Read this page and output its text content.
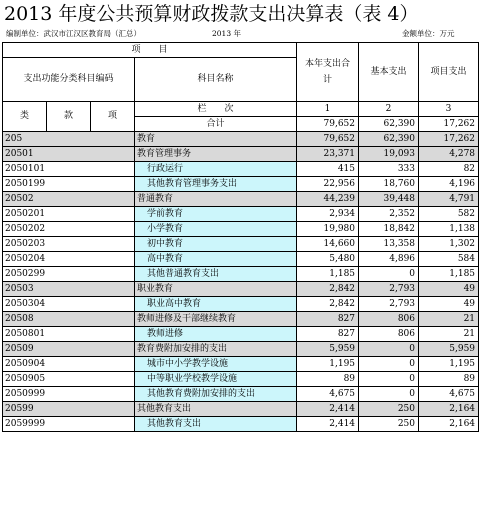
2013 年度公共预算财政拨款支出决算表（表 4）
编制单位：武汉市江汉区教育局（汇总）	2013 年	金额单位：万元
项　　目				本年支出合计	基本支出	项目支出
支出功能分类科目编码			科目名称			

类	款	项	栏　　次	1	2	3
			合计	79,652	62,390	17,262
205			教育	79,652	62,390	17,262
20501			教育管理事务	23,371	19,093	4,278
2050101			行政运行	415	333	82
2050199			其他教育管理事务支出	22,956	18,760	4,196
20502			普通教育	44,239	39,448	4,791
2050201			学前教育	2,934	2,352	582
2050202			小学教育	19,980	18,842	1,138
2050203			初中教育	14,660	13,358	1,302
2050204			高中教育	5,480	4,896	584
2050299			其他普通教育支出	1,185	0	1,185
20503			职业教育	2,842	2,793	49
2050304			职业高中教育	2,842	2,793	49
20508			教师进修及干部继续教育	827	806	21
2050801			教师进修	827	806	21
20509			教育费附加安排的支出	5,959	0	5,959
2050904			城市中小学教学设施	1,195	0	1,195
2050905			中等职业学校教学设施	89	0	89
2050999			其他教育费附加安排的支出	4,675	0	4,675
20599			其他教育支出	2,414	250	2,164
2059999			其他教育支出	2,414	250	2,164
